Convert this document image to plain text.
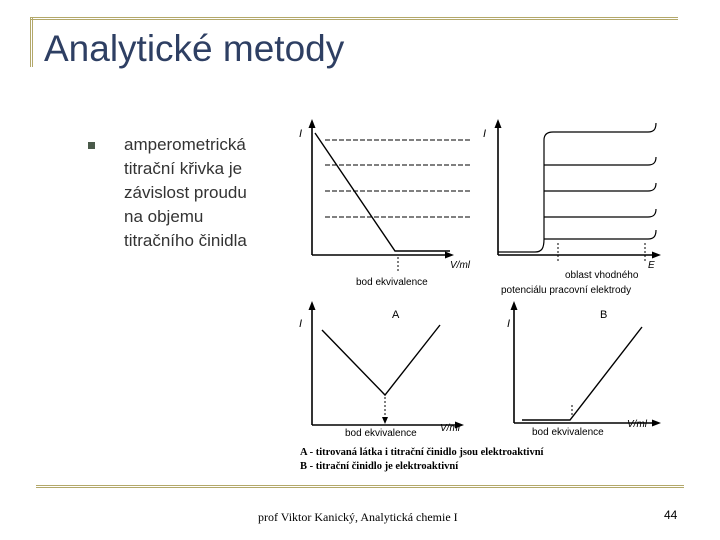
Analytické metody

amperometrická
titrační křivka je
závislost proudu
na objemu
titračního činidla

I
V/ml
bod ekvivalence
I
E
oblast vhodného
potenciálu pracovní elektrody
I
A
V/ml
bod ekvivalence
I
B
V/ml
bod ekvivalence
A - titrovaná látka i titrační činidlo jsou elektroaktivní
B - titrační činidlo je elektroaktivní
prof Viktor Kanický, Analytická chemie I	44
